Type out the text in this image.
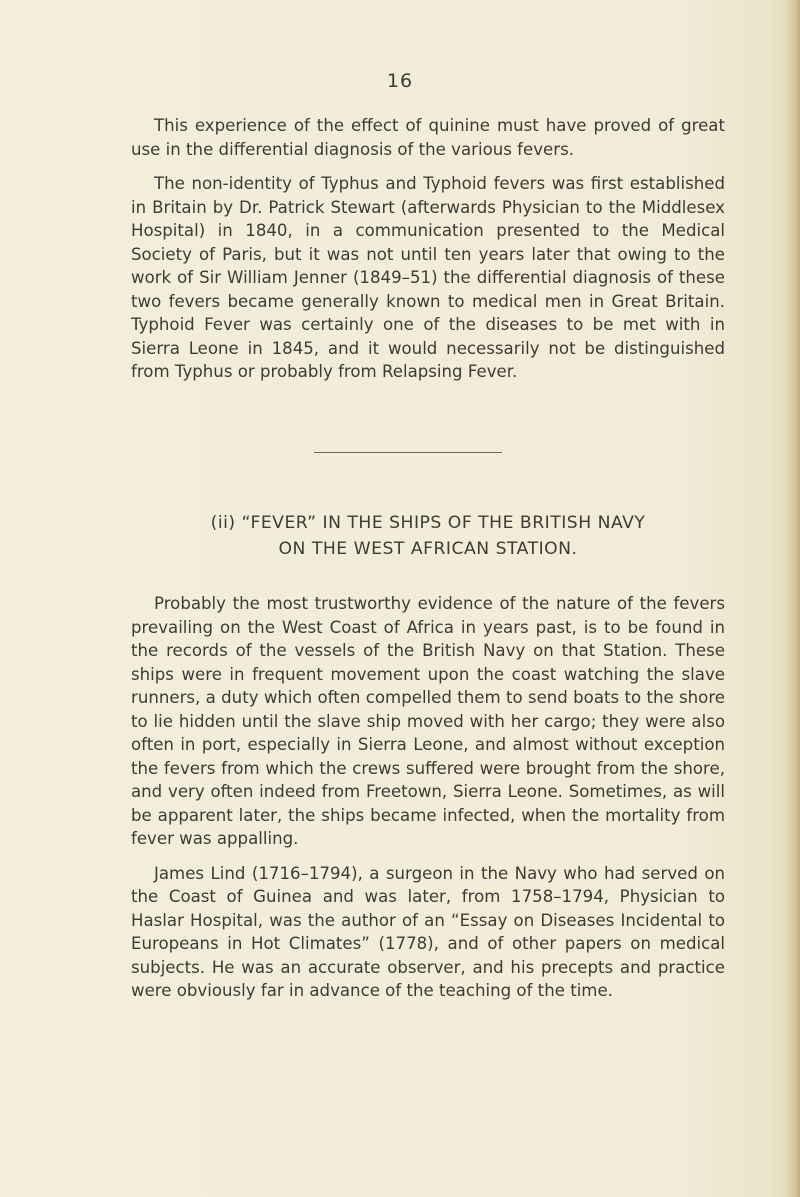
16

This experience of the effect of quinine must have proved of great use in the differential diagnosis of the various fevers.

The non-identity of Typhus and Typhoid fevers was first established in Britain by Dr. Patrick Stewart (afterwards Physician to the Middlesex Hospital) in 1840, in a communication presented to the Medical Society of Paris, but it was not until ten years later that owing to the work of Sir William Jenner (1849–51) the differential diagnosis of these two fevers became generally known to medical men in Great Britain. Typhoid Fever was certainly one of the diseases to be met with in Sierra Leone in 1845, and it would necessarily not be distinguished from Typhus or probably from Relapsing Fever.

(ii) “FEVER” IN THE SHIPS OF THE BRITISH NAVY
ON THE WEST AFRICAN STATION.

Probably the most trustworthy evidence of the nature of the fevers prevailing on the West Coast of Africa in years past, is to be found in the records of the vessels of the British Navy on that Station. These ships were in frequent movement upon the coast watching the slave runners, a duty which often compelled them to send boats to the shore to lie hidden until the slave ship moved with her cargo; they were also often in port, especially in Sierra Leone, and almost without exception the fevers from which the crews suffered were brought from the shore, and very often indeed from Freetown, Sierra Leone. Sometimes, as will be apparent later, the ships became infected, when the mortality from fever was appalling.

James Lind (1716–1794), a surgeon in the Navy who had served on the Coast of Guinea and was later, from 1758–1794, Physician to Haslar Hospital, was the author of an “Essay on Diseases Incidental to Europeans in Hot Climates” (1778), and of other papers on medical subjects. He was an accurate observer, and his precepts and practice were obviously far in advance of the teaching of the time.
